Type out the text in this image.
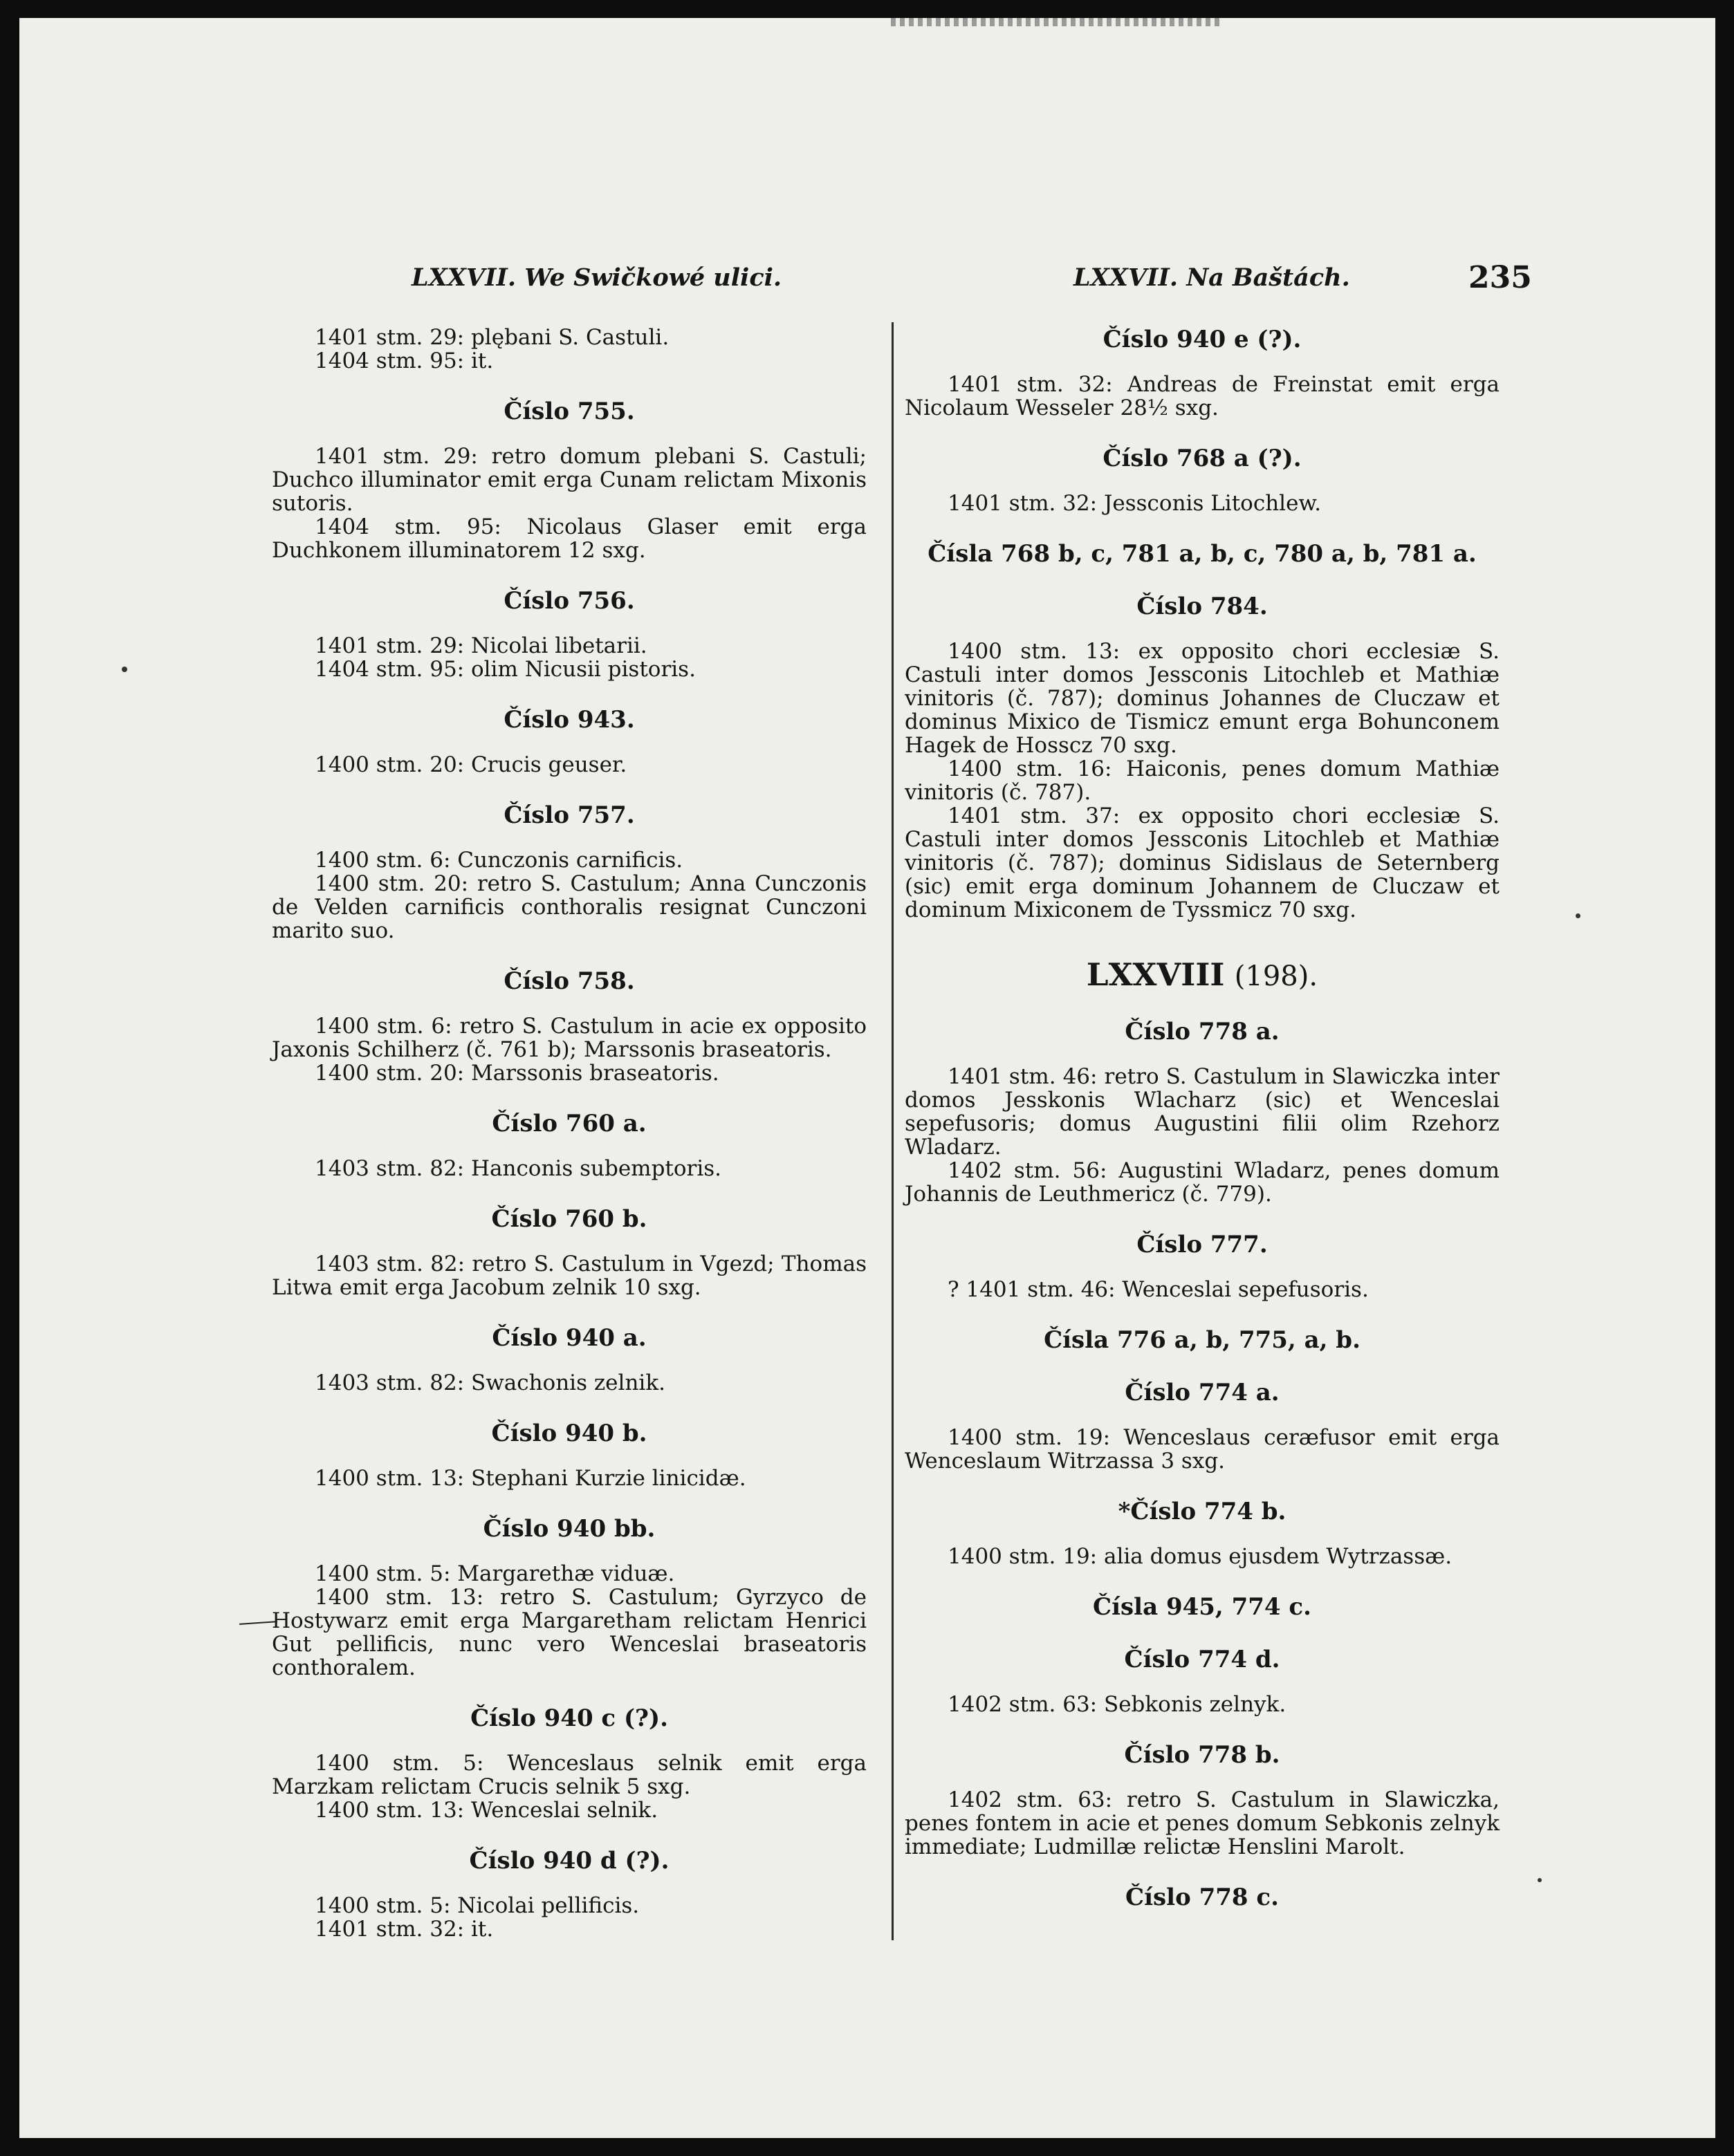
LXXVII. We Swičkowé ulici.	LXXVII. Na Baštách.	235

1401 stm. 29: plębani S. Castuli.

1404 stm. 95: it.

Číslo 755.

1401 stm. 29: retro domum plebani S. Castuli; Duchco illuminator emit erga Cunam relictam Mixonis sutoris.

1404 stm. 95: Nicolaus Glaser emit erga Duchkonem illuminatorem 12 sxg.

Číslo 756.

1401 stm. 29: Nicolai libetarii.

1404 stm. 95: olim Nicusii pistoris.

Číslo 943.

1400 stm. 20: Crucis geuser.

Číslo 757.

1400 stm. 6: Cunczonis carnificis.

1400 stm. 20: retro S. Castulum; Anna Cunczonis de Velden carnificis conthoralis resignat Cunczoni marito suo.

Číslo 758.

1400 stm. 6: retro S. Castulum in acie ex opposito Jaxonis Schilherz (č. 761 b); Marssonis braseatoris.

1400 stm. 20: Marssonis braseatoris.

Číslo 760 a.

1403 stm. 82: Hanconis subemptoris.

Číslo 760 b.

1403 stm. 82: retro S. Castulum in Vgezd; Thomas Litwa emit erga Jacobum zelnik 10 sxg.

Číslo 940 a.

1403 stm. 82: Swachonis zelnik.

Číslo 940 b.

1400 stm. 13: Stephani Kurzie linicidæ.

Číslo 940 bb.

1400 stm. 5: Margarethæ viduæ.

1400 stm. 13: retro S. Castulum; Gyrzyco de Hostywarz emit erga Margaretham relictam Henrici Gut pellificis, nunc vero Wenceslai braseatoris conthoralem.

Číslo 940 c (?).

1400 stm. 5: Wenceslaus selnik emit erga Marzkam relictam Crucis selnik 5 sxg.

1400 stm. 13: Wenceslai selnik.

Číslo 940 d (?).

1400 stm. 5: Nicolai pellificis.

1401 stm. 32: it.

Číslo 940 e (?).

1401 stm. 32: Andreas de Freinstat emit erga Nicolaum Wesseler 28½ sxg.

Číslo 768 a (?).

1401 stm. 32: Jessconis Litochlew.

Čísla 768 b, c, 781 a, b, c, 780 a, b, 781 a.
Číslo 784.

1400 stm. 13: ex opposito chori ecclesiæ S. Castuli inter domos Jessconis Litochleb et Mathiæ vinitoris (č. 787); dominus Johannes de Cluczaw et dominus Mixico de Tismicz emunt erga Bohunconem Hagek de Hosscz 70 sxg.

1400 stm. 16: Haiconis, penes domum Mathiæ vinitoris (č. 787).

1401 stm. 37: ex opposito chori ecclesiæ S. Castuli inter domos Jessconis Litochleb et Mathiæ vinitoris (č. 787); dominus Sidislaus de Seternberg (sic) emit erga dominum Johannem de Cluczaw et dominum Mixiconem de Tyssmicz 70 sxg.

LXXVIII (198).
Číslo 778 a.

1401 stm. 46: retro S. Castulum in Slawiczka inter domos Jesskonis Wlacharz (sic) et Wenceslai sepefusoris; domus Augustini filii olim Rzehorz Wladarz.

1402 stm. 56: Augustini Wladarz, penes domum Johannis de Leuthmericz (č. 779).

Číslo 777.

? 1401 stm. 46: Wenceslai sepefusoris.

Čísla 776 a, b, 775, a, b.
Číslo 774 a.

1400 stm. 19: Wenceslaus ceræfusor emit erga Wenceslaum Witrzassa 3 sxg.

*Číslo 774 b.

1400 stm. 19: alia domus ejusdem Wytrzassæ.

Čísla 945, 774 c.
Číslo 774 d.

1402 stm. 63: Sebkonis zelnyk.

Číslo 778 b.

1402 stm. 63: retro S. Castulum in Slawiczka, penes fontem in acie et penes domum Sebkonis zelnyk immediate; Ludmillæ relictæ Henslini Marolt.

Číslo 778 c.
